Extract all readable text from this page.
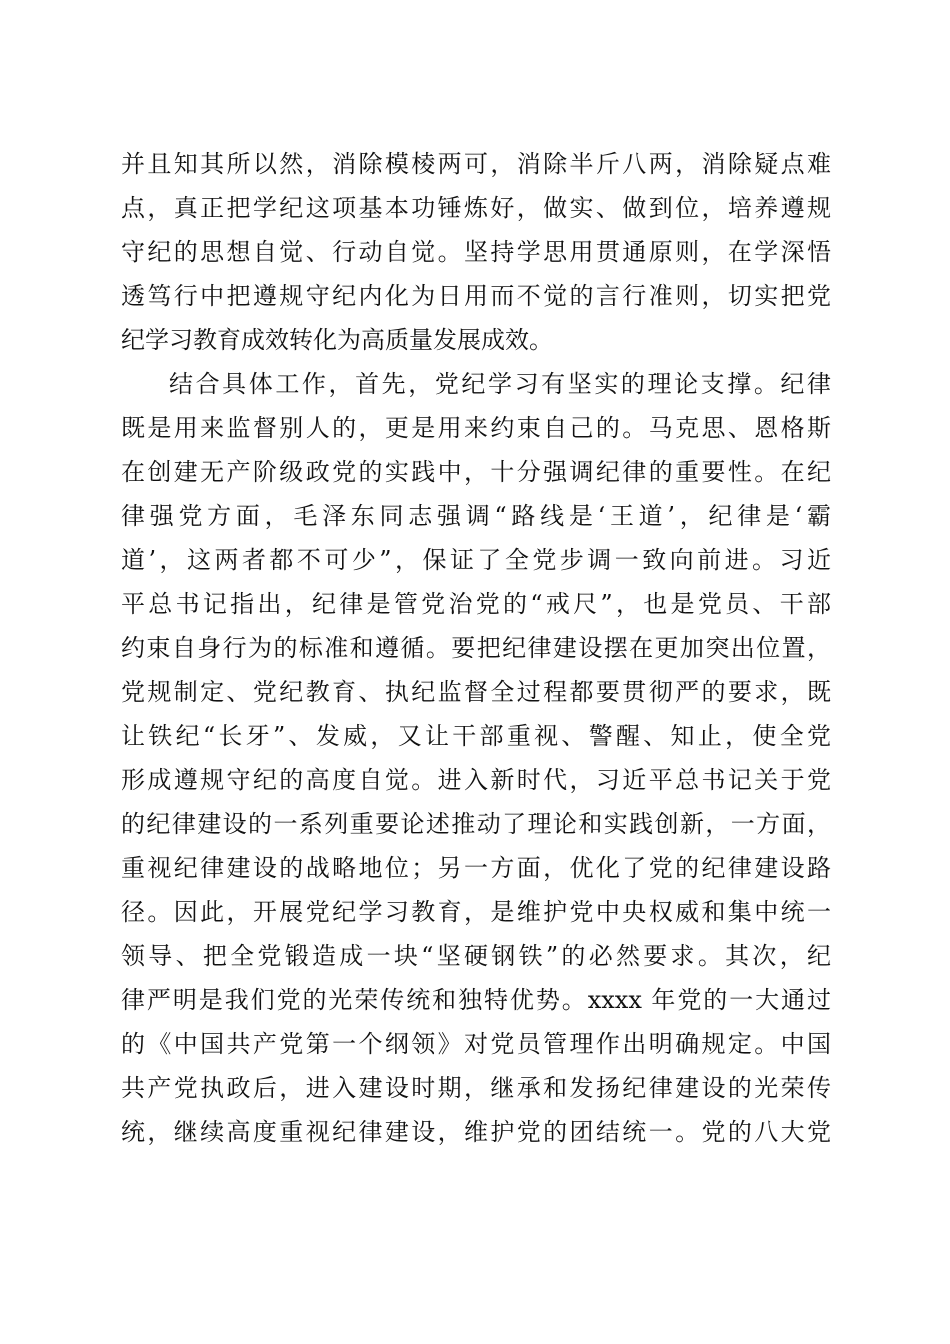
并且知其所以然，消除模棱两可，消除半斤八两，消除疑点难
点，真正把学纪这项基本功锤炼好，做实、做到位，培养遵规
守纪的思想自觉、行动自觉。坚持学思用贯通原则，在学深悟
透笃行中把遵规守纪内化为日用而不觉的言行准则，切实把党
纪学习教育成效转化为高质量发展成效。
结合具体工作，首先，党纪学习有坚实的理论支撑。纪律
既是用来监督别人的，更是用来约束自己的。马克思、恩格斯
在创建无产阶级政党的实践中，十分强调纪律的重要性。在纪
律强党方面，毛泽东同志强调“路线是‘王道’，纪律是‘霸
道’，这两者都不可少”，保证了全党步调一致向前进。习近
平总书记指出，纪律是管党治党的“戒尺”，也是党员、干部
约束自身行为的标准和遵循。要把纪律建设摆在更加突出位置，
党规制定、党纪教育、执纪监督全过程都要贯彻严的要求，既
让铁纪“长牙”、发威，又让干部重视、警醒、知止，使全党
形成遵规守纪的高度自觉。进入新时代，习近平总书记关于党
的纪律建设的一系列重要论述推动了理论和实践创新，一方面，
重视纪律建设的战略地位；另一方面，优化了党的纪律建设路
径。因此，开展党纪学习教育，是维护党中央权威和集中统一
领导、把全党锻造成一块“坚硬钢铁”的必然要求。其次，纪
律严明是我们党的光荣传统和独特优势。xxxx 年党的一大通过
的《中国共产党第一个纲领》对党员管理作出明确规定。中国
共产党执政后，进入建设时期，继承和发扬纪律建设的光荣传
统，继续高度重视纪律建设，维护党的团结统一。党的八大党
